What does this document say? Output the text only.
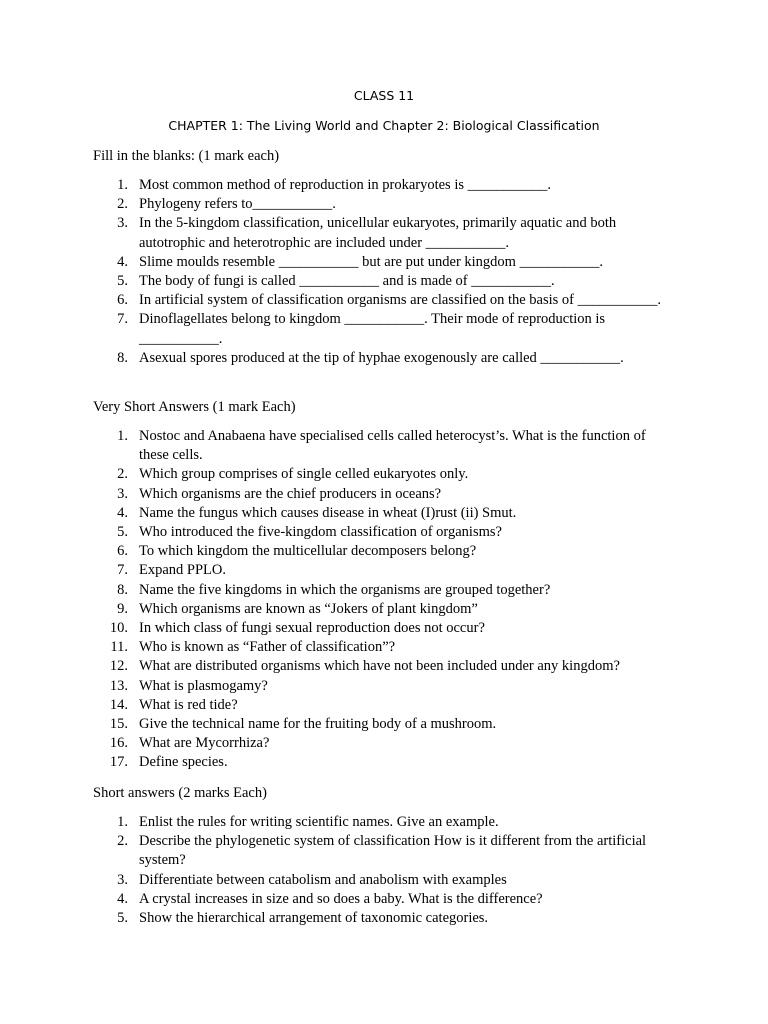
CLASS 11
CHAPTER 1: The Living World and Chapter 2: Biological Classification
Fill in the blanks: (1 mark each)
1. Most common method of reproduction in prokaryotes is ___________.
2. Phylogeny refers to___________.
3. In the 5-kingdom classification, unicellular eukaryotes, primarily aquatic and both autotrophic and heterotrophic are included under ___________.
4. Slime moulds resemble ___________ but are put under kingdom ___________.
5. The body of fungi is called ___________ and is made of ___________.
6. In artificial system of classification organisms are classified on the basis of ___________.
7. Dinoflagellates belong to kingdom ___________. Their mode of reproduction is ___________.
8. Asexual spores produced at the tip of hyphae exogenously are called ___________.
Very Short Answers (1 mark Each)
1. Nostoc and Anabaena have specialised cells called heterocyst’s. What is the function of these cells.
2. Which group comprises of single celled eukaryotes only.
3. Which organisms are the chief producers in oceans?
4. Name the fungus which causes disease in wheat (I)rust (ii) Smut.
5. Who introduced the five-kingdom classification of organisms?
6. To which kingdom the multicellular decomposers belong?
7. Expand PPLO.
8. Name the five kingdoms in which the organisms are grouped together?
9. Which organisms are known as “Jokers of plant kingdom”
10. In which class of fungi sexual reproduction does not occur?
11. Who is known as “Father of classification”?
12. What are distributed organisms which have not been included under any kingdom?
13. What is plasmogamy?
14. What is red tide?
15. Give the technical name for the fruiting body of a mushroom.
16. What are Mycorrhiza?
17. Define species.
Short answers (2 marks Each)
1. Enlist the rules for writing scientific names. Give an example.
2. Describe the phylogenetic system of classification How is it different from the artificial system?
3. Differentiate between catabolism and anabolism with examples
4. A crystal increases in size and so does a baby. What is the difference?
5. Show the hierarchical arrangement of taxonomic categories.
